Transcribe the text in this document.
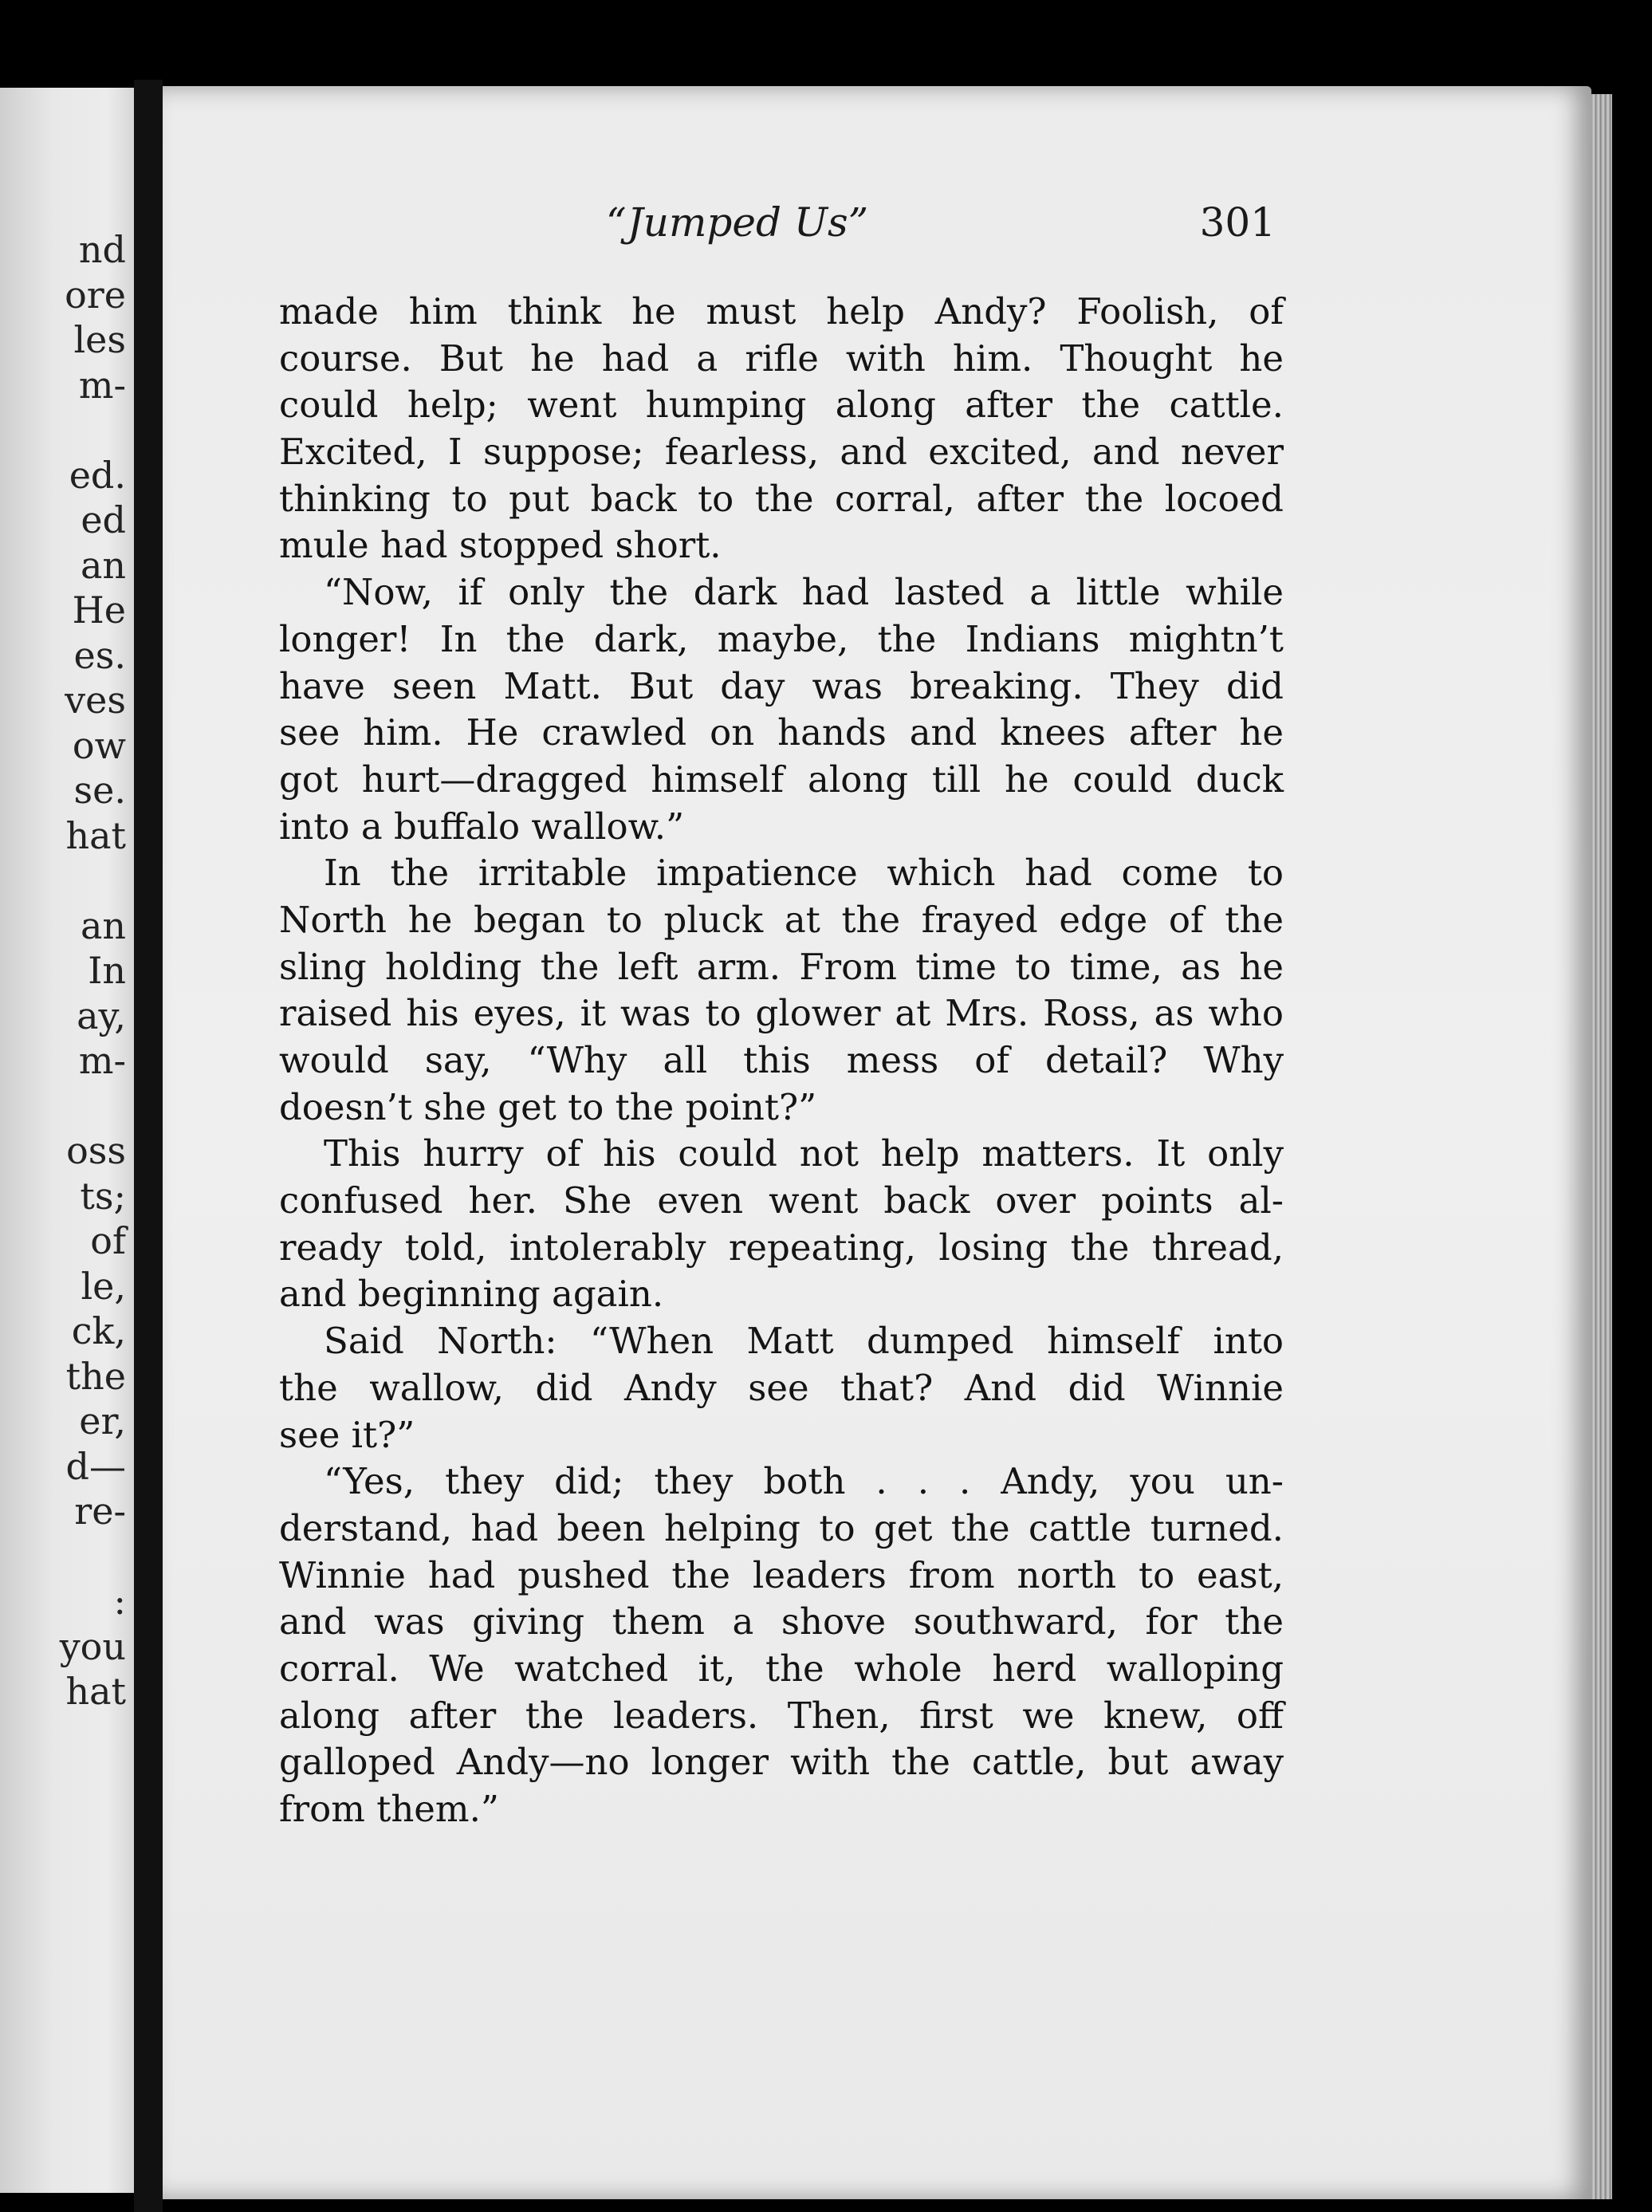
nd
ore
les
m-
ed.
ed
an
He
es.
ves
ow
se.
hat
an
In
ay,
m-
oss
ts;
of
le,
ck,
the
er,
d—
re-
:
you
hat
“Jumped Us”	301
made him think he must help Andy? Foolish, of
course. But he had a rifle with him. Thought he
could help; went humping along after the cattle.
Excited, I suppose; fearless, and excited, and never
thinking to put back to the corral, after the locoed
mule had stopped short.
“Now, if only the dark had lasted a little while
longer! In the dark, maybe, the Indians mightn’t
have seen Matt. But day was breaking. They did
see him. He crawled on hands and knees after he
got hurt—dragged himself along till he could duck
into a buffalo wallow.”
In the irritable impatience which had come to
North he began to pluck at the frayed edge of the
sling holding the left arm. From time to time, as he
raised his eyes, it was to glower at Mrs. Ross, as who
would say, “Why all this mess of detail? Why
doesn’t she get to the point?”
This hurry of his could not help matters. It only
confused her. She even went back over points al-
ready told, intolerably repeating, losing the thread,
and beginning again.
Said North: “When Matt dumped himself into
the wallow, did Andy see that? And did Winnie
see it?”
“Yes, they did; they both . . . Andy, you un-
derstand, had been helping to get the cattle turned.
Winnie had pushed the leaders from north to east,
and was giving them a shove southward, for the
corral. We watched it, the whole herd walloping
along after the leaders. Then, first we knew, off
galloped Andy—no longer with the cattle, but away
from them.”
